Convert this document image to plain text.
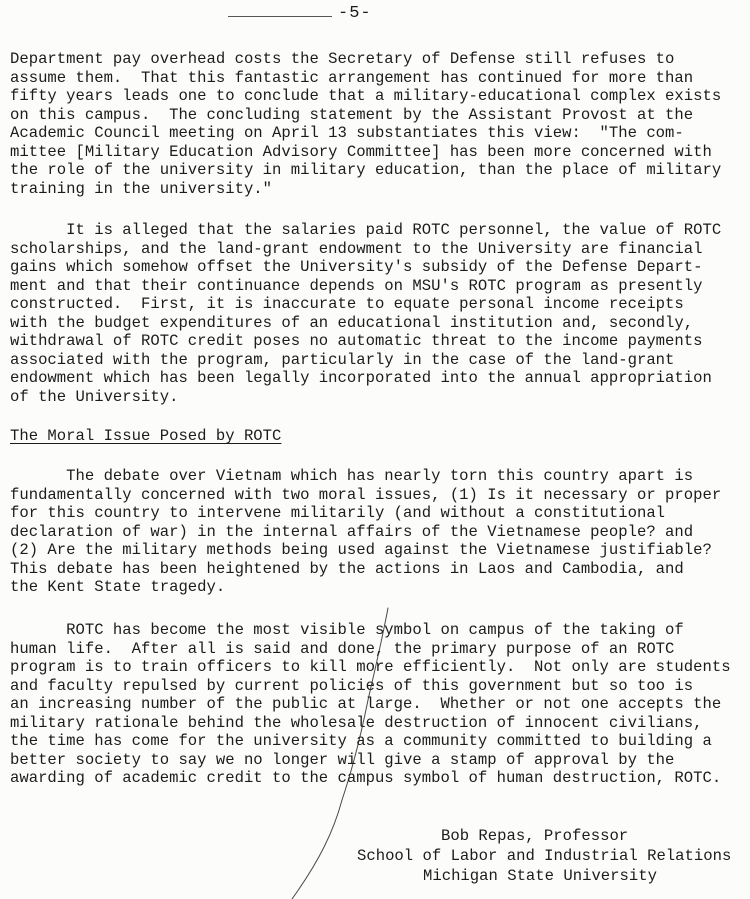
-5-

Department pay overhead costs the Secretary of Defense still refuses to
assume them.  That this fantastic arrangement has continued for more than
fifty years leads one to conclude that a military-educational complex exists
on this campus.  The concluding statement by the Assistant Provost at the
Academic Council meeting on April 13 substantiates this view:  "The com-
mittee [Military Education Advisory Committee] has been more concerned with
the role of the university in military education, than the place of military
training in the university."

It is alleged that the salaries paid ROTC personnel, the value of ROTC
scholarships, and the land-grant endowment to the University are financial
gains which somehow offset the University's subsidy of the Defense Depart-
ment and that their continuance depends on MSU's ROTC program as presently
constructed.  First, it is inaccurate to equate personal income receipts
with the budget expenditures of an educational institution and, secondly,
withdrawal of ROTC credit poses no automatic threat to the income payments
associated with the program, particularly in the case of the land-grant
endowment which has been legally incorporated into the annual appropriation
of the University.

The Moral Issue Posed by ROTC

The debate over Vietnam which has nearly torn this country apart is
fundamentally concerned with two moral issues, (1) Is it necessary or proper
for this country to intervene militarily (and without a constitutional
declaration of war) in the internal affairs of the Vietnamese people? and
(2) Are the military methods being used against the Vietnamese justifiable?
This debate has been heightened by the actions in Laos and Cambodia, and
the Kent State tragedy.

ROTC has become the most visible symbol on campus of the taking of
human life.  After all is said and done, the primary purpose of an ROTC
program is to train officers to kill more efficiently.  Not only are students
and faculty repulsed by current policies of this government but so too is
an increasing number of the public at large.  Whether or not one accepts the
military rationale behind the wholesale destruction of innocent civilians,
the time has come for the university as a community committed to building a
better society to say we no longer will give a stamp of approval by the
awarding of academic credit to the campus symbol of human destruction, ROTC.

Bob Repas, Professor
School of Labor and Industrial Relations
Michigan State University
